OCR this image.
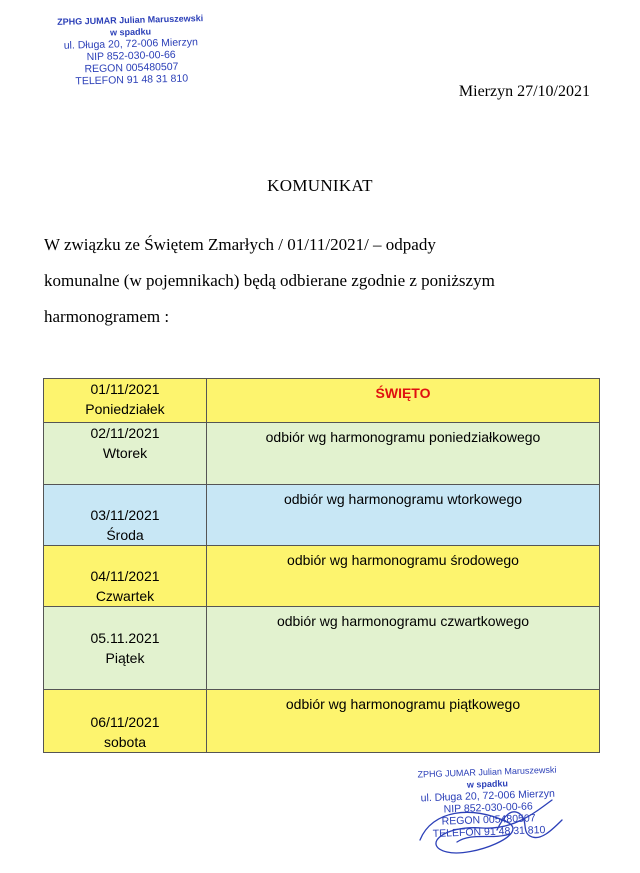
ZPHG JUMAR Julian Maruszewski
w spadku
ul. Długa 20, 72-006 Mierzyn
NIP 852-030-00-66
REGON 005480507
TELEFON 91 48 31 810
Mierzyn 27/10/2021
KOMUNIKAT
W związku ze Świętem Zmarłych / 01/11/2021/ – odpady
komunalne (w pojemnikach) będą odbierane zgodnie z poniższym
harmonogramem :
01/11/2021
Poniedziałek	ŚWIĘTO

02/11/2021
Wtorek	odbiór wg harmonogramu poniedziałkowego

03/11/2021
Środa	odbiór wg harmonogramu wtorkowego

04/11/2021
Czwartek	odbiór wg harmonogramu środowego

05.11.2021
Piątek	odbiór wg harmonogramu czwartkowego

06/11/2021
sobota	odbiór wg harmonogramu piątkowego
ZPHG JUMAR Julian Maruszewski
w spadku
ul. Długa 20, 72-006 Mierzyn
NIP 852-030-00-66
REGON 005480507
TELEFON 91 48 31 810
